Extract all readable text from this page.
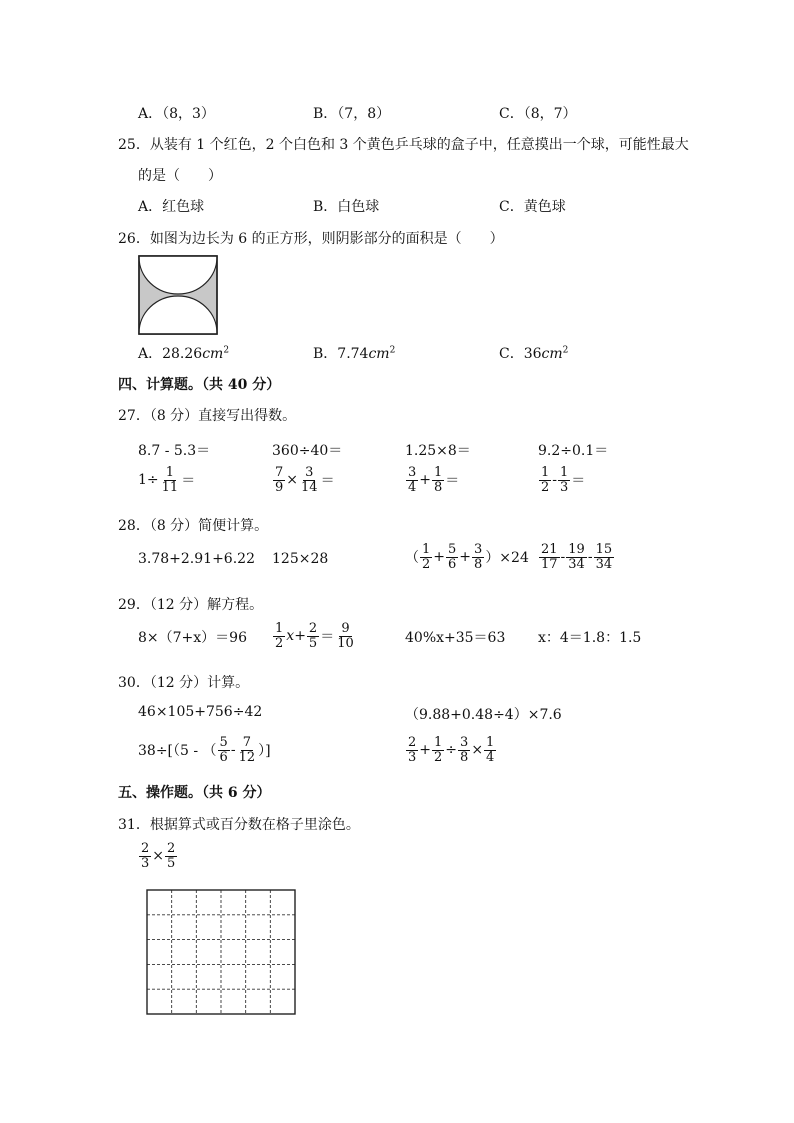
A．（8，3）	B．（7，8）	C．（8，7）
25．从装有 1 个红色，2 个白色和 3 个黄色乒乓球的盒子中，任意摸出一个球，可能性最大
的是（　　）
A．红色球	B．白色球	C．黄色球
26．如图为边长为 6 的正方形，则阴影部分的面积是（　　）
A．$28.26cm^2$	B．$7.74cm^2$	C．$36cm^2$
四、计算题。（共 40 分）
27．（8 分）直接写出得数。
8.7 - 5.3＝	360÷40＝	1.25×8＝	9.2÷0.1＝
$1\div \frac{1}{11}$ ＝	$\frac{7}{9} \times \frac{3}{14}$ ＝	$\frac{3}{4} + \frac{1}{8}$ ＝	$\frac{1}{2} - \frac{1}{3}$ ＝
28．（8 分）简便计算。
3.78+2.91+6.22 125×28	（ $\frac{1}{2} + \frac{5}{6} + \frac{3}{8} )\times 24 \frac{21}{17} - \frac{19}{34} - \frac{15}{34}$
29．（12 分）解方程。
$8\times(7+x)=96 \frac{1}{2}$ $x + \frac{2}{5} = \frac{9}{10}$	40%x+35＝63 x：4＝1.8：1.5
30．（12 分）计算。
46×105+756÷42	（9.88+0.48÷4）×7.6
38÷[（5 - （ $\frac{5}{6} - \frac{7}{12}$ ）]	$\frac{2}{3} + \frac{1}{2} \div \frac{3}{8} \times \frac{1}{4}$
五、操作题。（共 6 分）
31．根据算式或百分数在格子里涂色。
$\frac{2}{3} \times \frac{2}{5}$
